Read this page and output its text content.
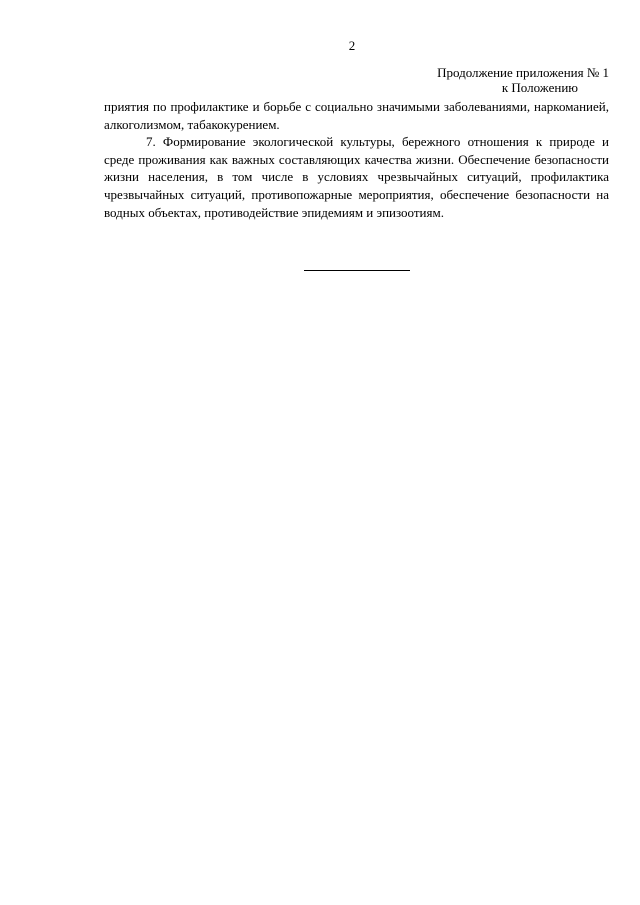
2
Продолжение приложения № 1
к Положению

приятия по профилактике и борьбе с социально значимыми заболеваниями, наркоманией, алкоголизмом, табакокурением.

7. Формирование экологической культуры, бережного отношения к природе и среде проживания как важных составляющих качества жизни. Обеспечение безопасности жизни населения, в том числе в условиях чрезвычайных ситуаций, профилактика чрезвычайных ситуаций, противопожарные мероприятия, обеспечение безопасности на водных объектах, противодействие эпидемиям и эпизоотиям.
